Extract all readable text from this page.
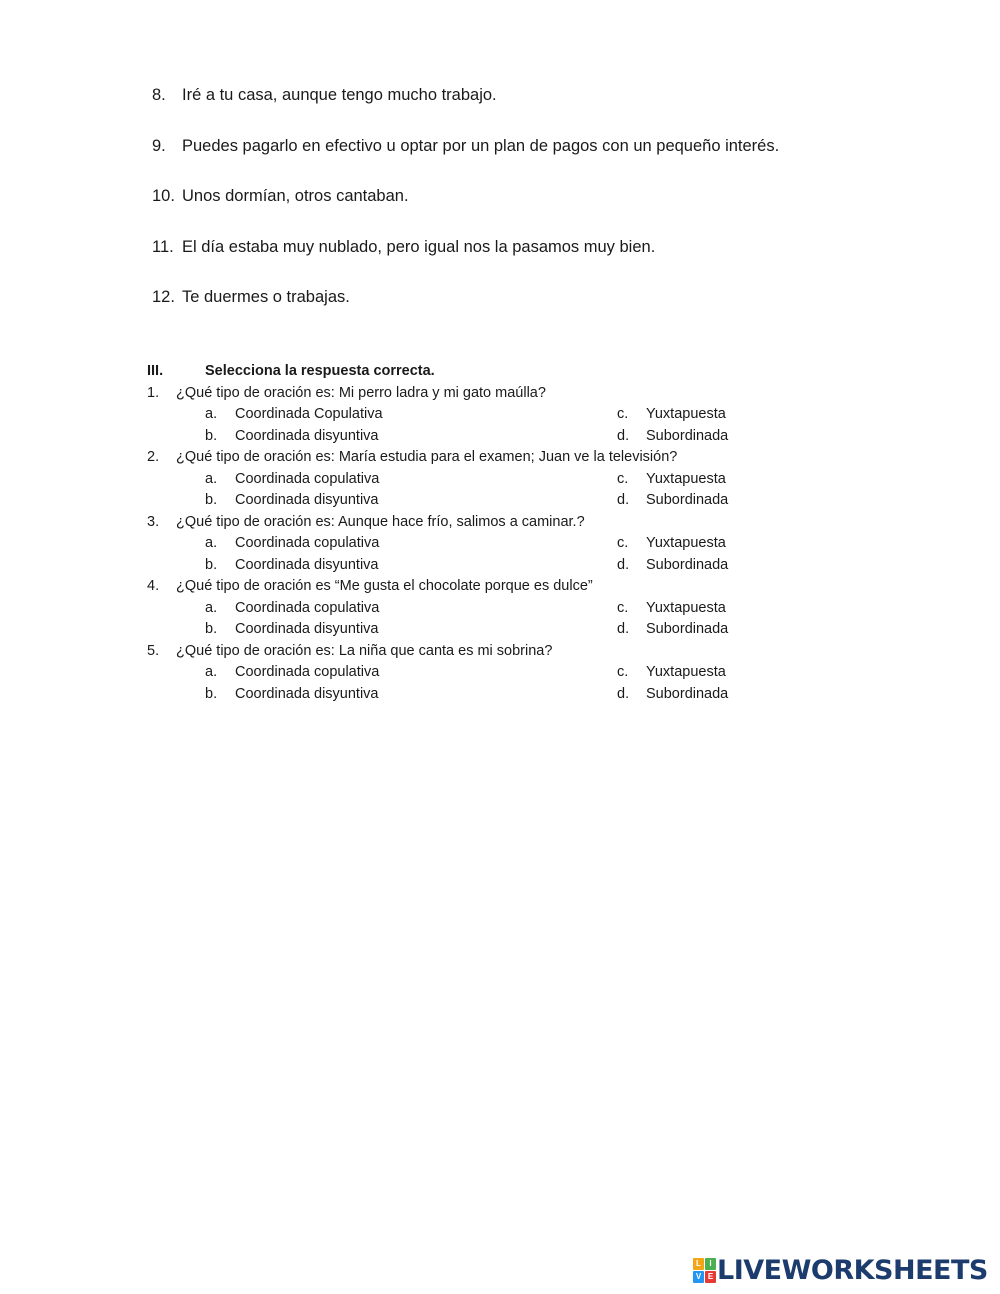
8. Iré a tu casa, aunque tengo mucho trabajo.
9. Puedes pagarlo en efectivo u optar por un plan de pagos con un pequeño interés.
10. Unos dormían, otros cantaban.
11. El día estaba muy nublado, pero igual nos la pasamos muy bien.
12. Te duermes o trabajas.
III.	Selecciona la respuesta correcta.
1.	¿Qué tipo de oración es: Mi perro ladra y mi gato maúlla?
a.	Coordinada Copulativa	c.	Yuxtapuesta
b.	Coordinada disyuntiva	d.	Subordinada
2.	¿Qué tipo de oración es: María estudia para el examen; Juan ve la televisión?
a.	Coordinada copulativa	c.	Yuxtapuesta
b.	Coordinada disyuntiva	d.	Subordinada
3.	¿Qué tipo de oración es: Aunque hace frío, salimos a caminar.?
a.	Coordinada copulativa	c.	Yuxtapuesta
b.	Coordinada disyuntiva	d.	Subordinada
4.	¿Qué tipo de oración es “Me gusta el chocolate porque es dulce”
a.	Coordinada copulativa	c.	Yuxtapuesta
b.	Coordinada disyuntiva	d.	Subordinada
5.	¿Qué tipo de oración es: La niña que canta es mi sobrina?
a.	Coordinada copulativa	c.	Yuxtapuesta
b.	Coordinada disyuntiva	d.	Subordinada
L	I
V E LIVEWORKSHEETS
